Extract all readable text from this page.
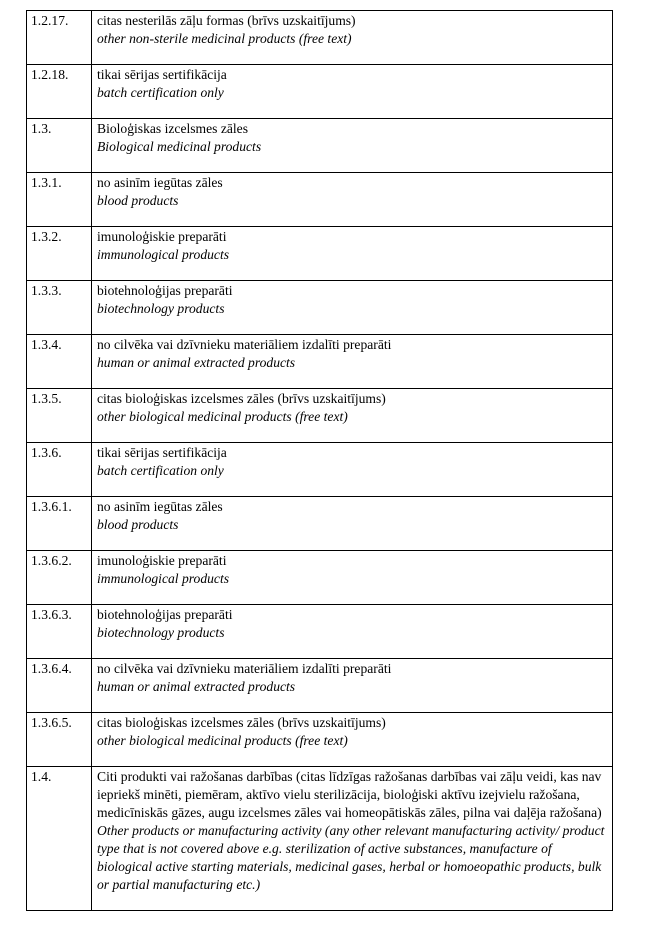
1.2.17.	citas nesterilās zāļu formas (brīvs uzskaitījums)
other non-sterile medicinal products (free text)

1.2.18.	tikai sērijas sertifikācija
batch certification only

1.3.	Bioloģiskas izcelsmes zāles
Biological medicinal products

1.3.1.	no asinīm iegūtas zāles
blood products

1.3.2.	imunoloģiskie preparāti
immunological products

1.3.3.	biotehnoloģijas preparāti
biotechnology products

1.3.4.	no cilvēka vai dzīvnieku materiāliem izdalīti preparāti
human or animal extracted products

1.3.5.	citas bioloģiskas izcelsmes zāles (brīvs uzskaitījums)
other biological medicinal products (free text)

1.3.6.	tikai sērijas sertifikācija
batch certification only

1.3.6.1.	no asinīm iegūtas zāles
blood products

1.3.6.2.	imunoloģiskie preparāti
immunological products

1.3.6.3.	biotehnoloģijas preparāti
biotechnology products

1.3.6.4.	no cilvēka vai dzīvnieku materiāliem izdalīti preparāti
human or animal extracted products

1.3.6.5.	citas bioloģiskas izcelsmes zāles (brīvs uzskaitījums)
other biological medicinal products (free text)

1.4.	Citi produkti vai ražošanas darbības (citas līdzīgas ražošanas darbības vai zāļu veidi, kas nav iepriekš minēti, piemēram, aktīvo vielu sterilizācija, bioloģiski aktīvu izejvielu ražošana, medicīniskās gāzes, augu izcelsmes zāles vai homeopātiskās zāles, pilna vai daļēja ražošana)
Other products or manufacturing activity (any other relevant manufacturing activity/ product type that is not covered above e.g. sterilization of active substances, manufacture of biological active starting materials, medicinal gases, herbal or homoeopathic products, bulk or partial manufacturing etc.)
